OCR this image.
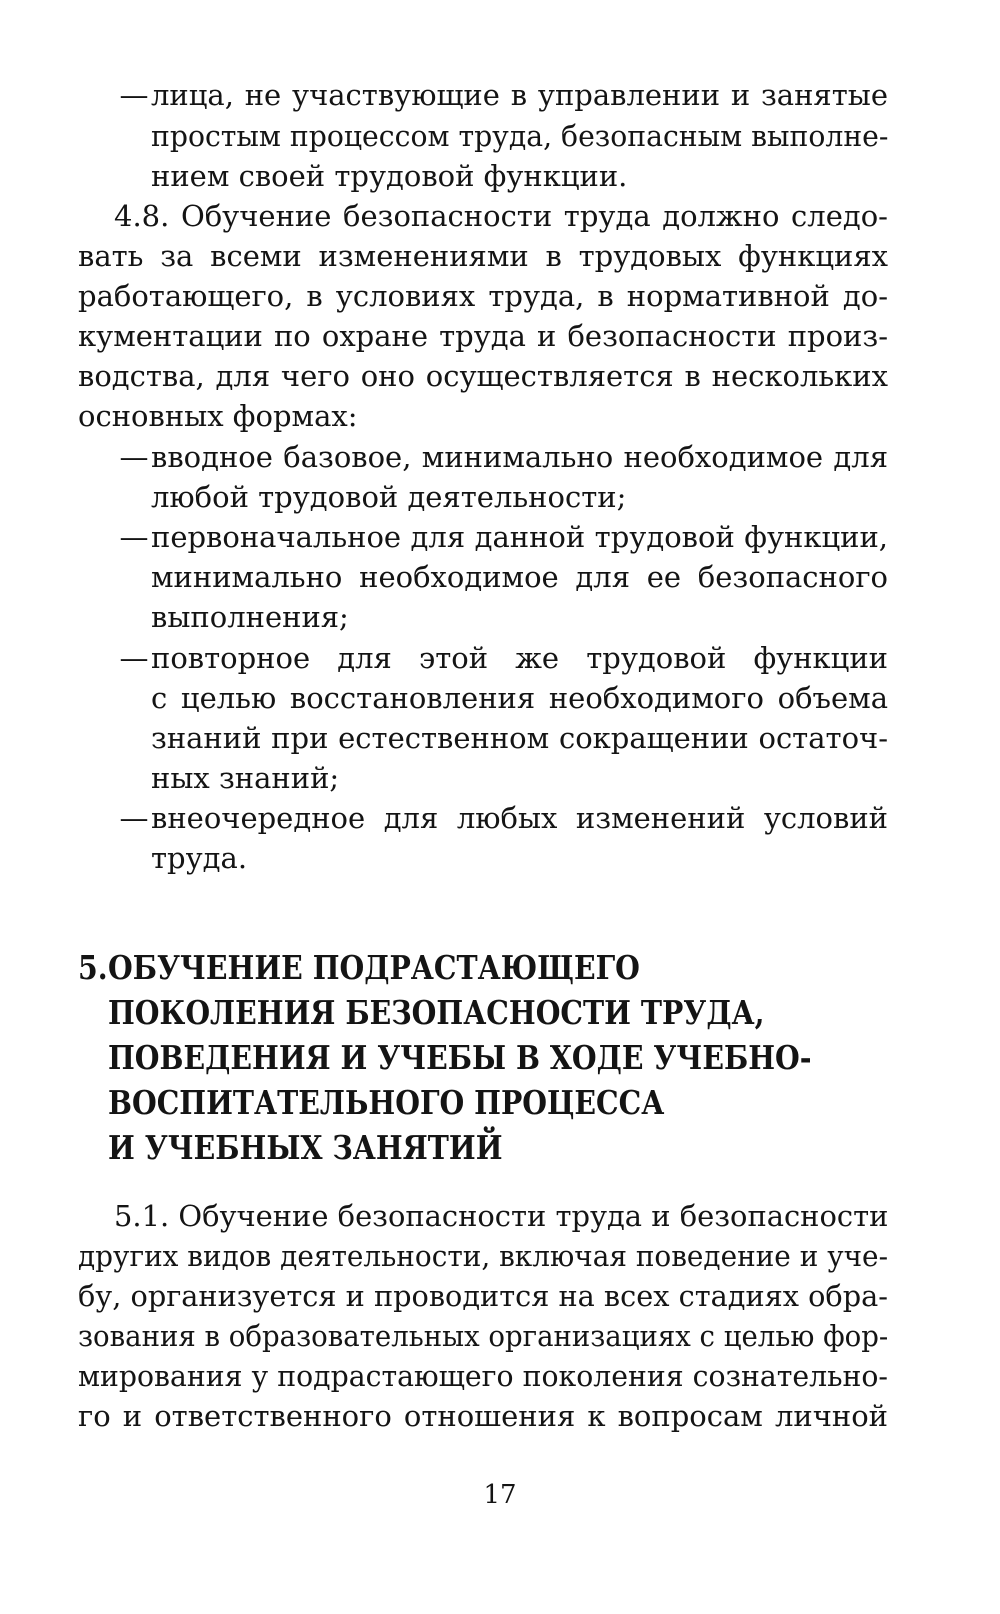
— лица, не участвующие в управлении и занятые
простым процессом труда, безопасным выполне-
нием своей трудовой функции.
4.8. Обучение безопасности труда должно следо-
вать за всеми изменениями в трудовых функциях
работающего, в условиях труда, в нормативной до-
кументации по охране труда и безопасности произ-
водства, для чего оно осуществляется в нескольких
основных формах:
— вводное базовое, минимально необходимое для
любой трудовой деятельности;
— первоначальное для данной трудовой функции,
минимально необходимое для ее безопасного
выполнения;
— повторное для этой же трудовой функции
с целью восстановления необходимого объема
знаний при естественном сокращении остаточ-
ных знаний;
— внеочередное для любых изменений условий
труда.
5. ОБУЧЕНИЕ ПОДРАСТАЮЩЕГО
ПОКОЛЕНИЯ БЕЗОПАСНОСТИ ТРУДА,
ПОВЕДЕНИЯ И УЧЕБЫ В ХОДЕ УЧЕБНО-
ВОСПИТАТЕЛЬНОГО ПРОЦЕССА
И УЧЕБНЫХ ЗАНЯТИЙ
5.1. Обучение безопасности труда и безопасности
других видов деятельности, включая поведение и уче-
бу, организуется и проводится на всех стадиях обра-
зования в образовательных организациях с целью фор-
мирования у подрастающего поколения сознательно-
го и ответственного отношения к вопросам личной
17
